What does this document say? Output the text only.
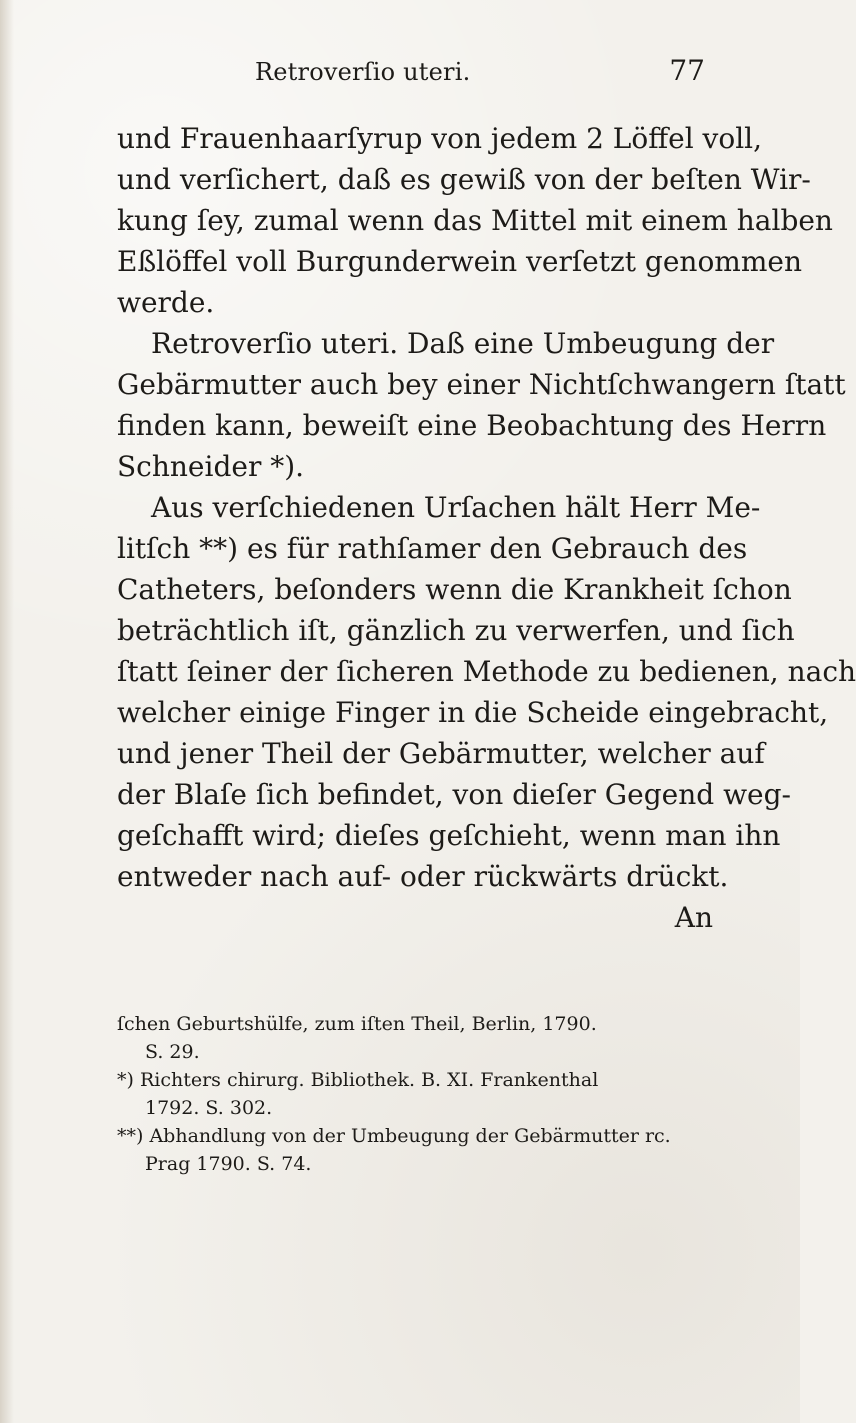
Retroverſio uteri.	77
und Frauenhaarſyrup von jedem 2 Löffel voll,
und verſichert, daß es gewiß von der beſten Wir-
kung ſey, zumal wenn das Mittel mit einem halben
Eßlöffel voll Burgunderwein verſetzt genommen
werde.
Retroverſio uteri. Daß eine Umbeugung der
Gebärmutter auch bey einer Nichtſchwangern ſtatt
finden kann, beweiſt eine Beobachtung des Herrn
Schneider *).
Aus verſchiedenen Urſachen hält Herr Me-
litſch **) es für rathſamer den Gebrauch des
Catheters, beſonders wenn die Krankheit ſchon
beträchtlich iſt, gänzlich zu verwerfen, und ſich
ſtatt ſeiner der ſicheren Methode zu bedienen, nach
welcher einige Finger in die Scheide eingebracht,
und jener Theil der Gebärmutter, welcher auf
der Blaſe ſich befindet, von dieſer Gegend weg-
geſchafft wird; dieſes geſchieht, wenn man ihn
entweder nach auf- oder rückwärts drückt.
An
ſchen Geburtshülfe, zum iſten Theil, Berlin, 1790.
S. 29.
*) Richters chirurg. Bibliothek. B. XI. Frankenthal
1792. S. 302.
**) Abhandlung von der Umbeugung der Gebärmutter rc.
Prag 1790. S. 74.
